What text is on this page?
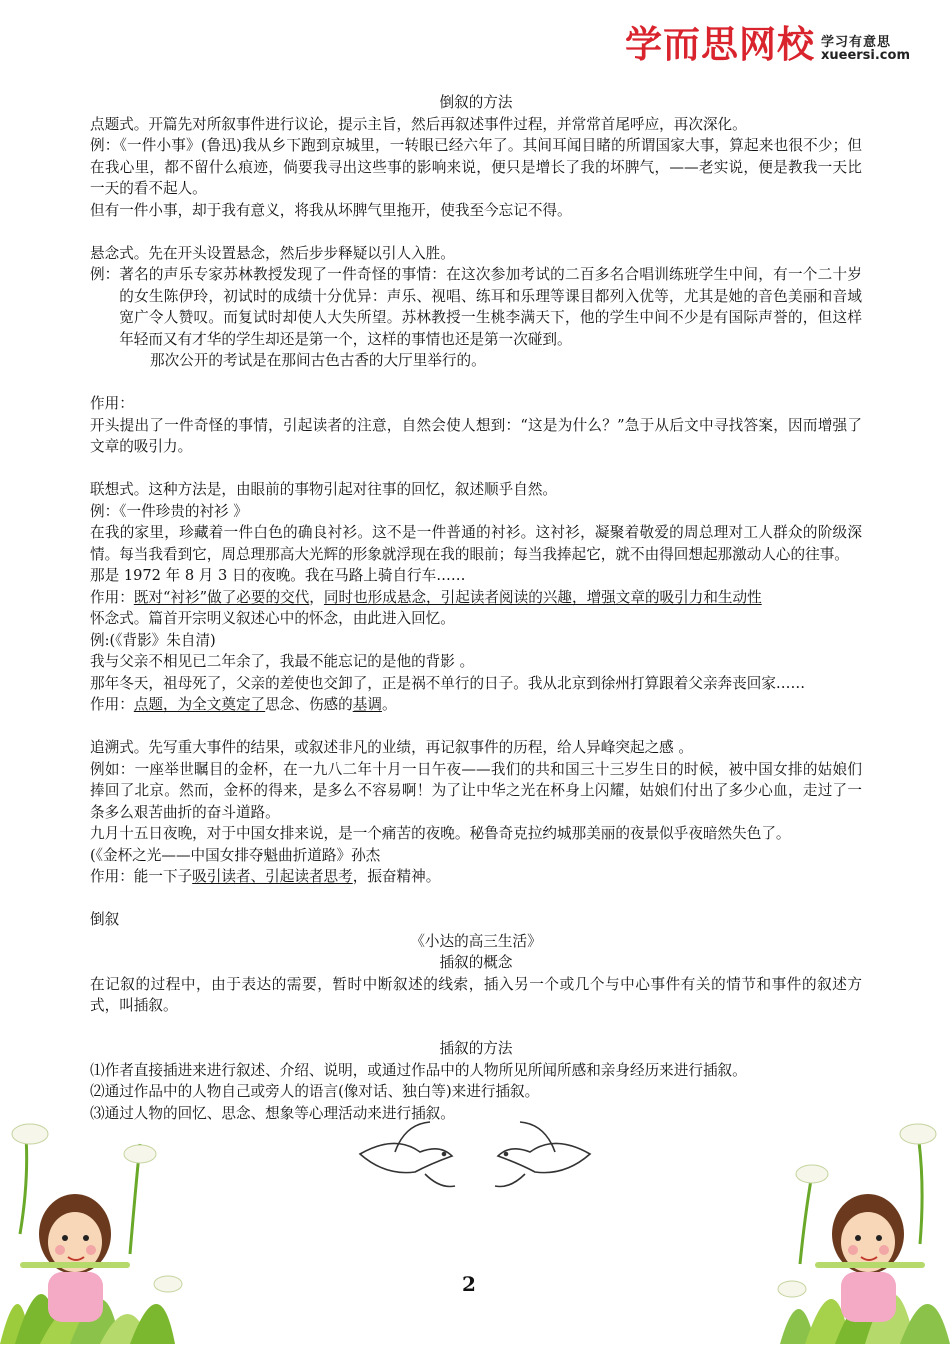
学而思网校 学习有意思
xueersi.com

倒叙的方法

点题式。开篇先对所叙事件进行议论，提示主旨，然后再叙述事件过程，并常常首尾呼应，再次深化。

例：《一件小事》(鲁迅)我从乡下跑到京城里，一转眼已经六年了。其间耳闻目睹的所谓国家大事，算起来也很不少；但在我心里，都不留什么痕迹，倘要我寻出这些事的影响来说，便只是增长了我的坏脾气，——老实说，便是教我一天比一天的看不起人。

但有一件小事，却于我有意义，将我从坏脾气里拖开，使我至今忘记不得。

悬念式。先在开头设置悬念，然后步步释疑以引人入胜。

例： 著名的声乐专家苏林教授发现了一件奇怪的事情：在这次参加考试的二百多名合唱训练班学生中间，有一个二十岁的女生陈伊玲，初试时的成绩十分优异：声乐、视唱、练耳和乐理等课目都列入优等，尤其是她的音色美丽和音域宽广令人赞叹。而复试时却使人大失所望。苏林教授一生桃李满天下，他的学生中间不少是有国际声誉的，但这样年轻而又有才华的学生却还是第一个，这样的事情也还是第一次碰到。

那次公开的考试是在那间古色古香的大厅里举行的。

作用：

开头提出了一件奇怪的事情，引起读者的注意，自然会使人想到：“这是为什么？”急于从后文中寻找答案，因而增强了文章的吸引力。

联想式。这种方法是，由眼前的事物引起对往事的回忆，叙述顺乎自然。

例：《一件珍贵的衬衫 》

在我的家里，珍藏着一件白色的确良衬衫。这不是一件普通的衬衫。这衬衫，凝聚着敬爱的周总理对工人群众的阶级深情。每当我看到它，周总理那高大光辉的形象就浮现在我的眼前；每当我捧起它，就不由得回想起那激动人心的往事。

那是 1972 年 8 月 3 日的夜晚。我在马路上骑自行车……

作用：既对“衬衫”做了必要的交代，同时也形成悬念，引起读者阅读的兴趣，增强文章的吸引力和生动性

怀念式。篇首开宗明义叙述心中的怀念，由此进入回忆。

例:(《背影》朱自清)

我与父亲不相见已二年余了，我最不能忘记的是他的背影 。

那年冬天，祖母死了，父亲的差使也交卸了，正是祸不单行的日子。我从北京到徐州打算跟着父亲奔丧回家……

作用：点题，为全文奠定了思念、伤感的基调。

追溯式。先写重大事件的结果，或叙述非凡的业绩，再记叙事件的历程，给人异峰突起之感 。

例如：一座举世瞩目的金杯，在一九八二年十月一日午夜——我们的共和国三十三岁生日的时候，被中国女排的姑娘们捧回了北京。然而，金杯的得来，是多么不容易啊！为了让中华之光在杯身上闪耀，姑娘们付出了多少心血，走过了一条多么艰苦曲折的奋斗道路。

九月十五日夜晚，对于中国女排来说，是一个痛苦的夜晚。秘鲁奇克拉约城那美丽的夜景似乎夜暗然失色了。

(《金杯之光——中国女排夺魁曲折道路》孙杰

作用：能一下子吸引读者、引起读者思考，振奋精神。

倒叙

《小达的高三生活》

插叙的概念

在记叙的过程中，由于表达的需要，暂时中断叙述的线索，插入另一个或几个与中心事件有关的情节和事件的叙述方式，叫插叙。

插叙的方法

⑴作者直接插进来进行叙述、介绍、说明，或通过作品中的人物所见所闻所感和亲身经历来进行插叙。

⑵通过作品中的人物自己或旁人的语言(像对话、独白等)来进行插叙。

⑶通过人物的回忆、思念、想象等心理活动来进行插叙。

2
